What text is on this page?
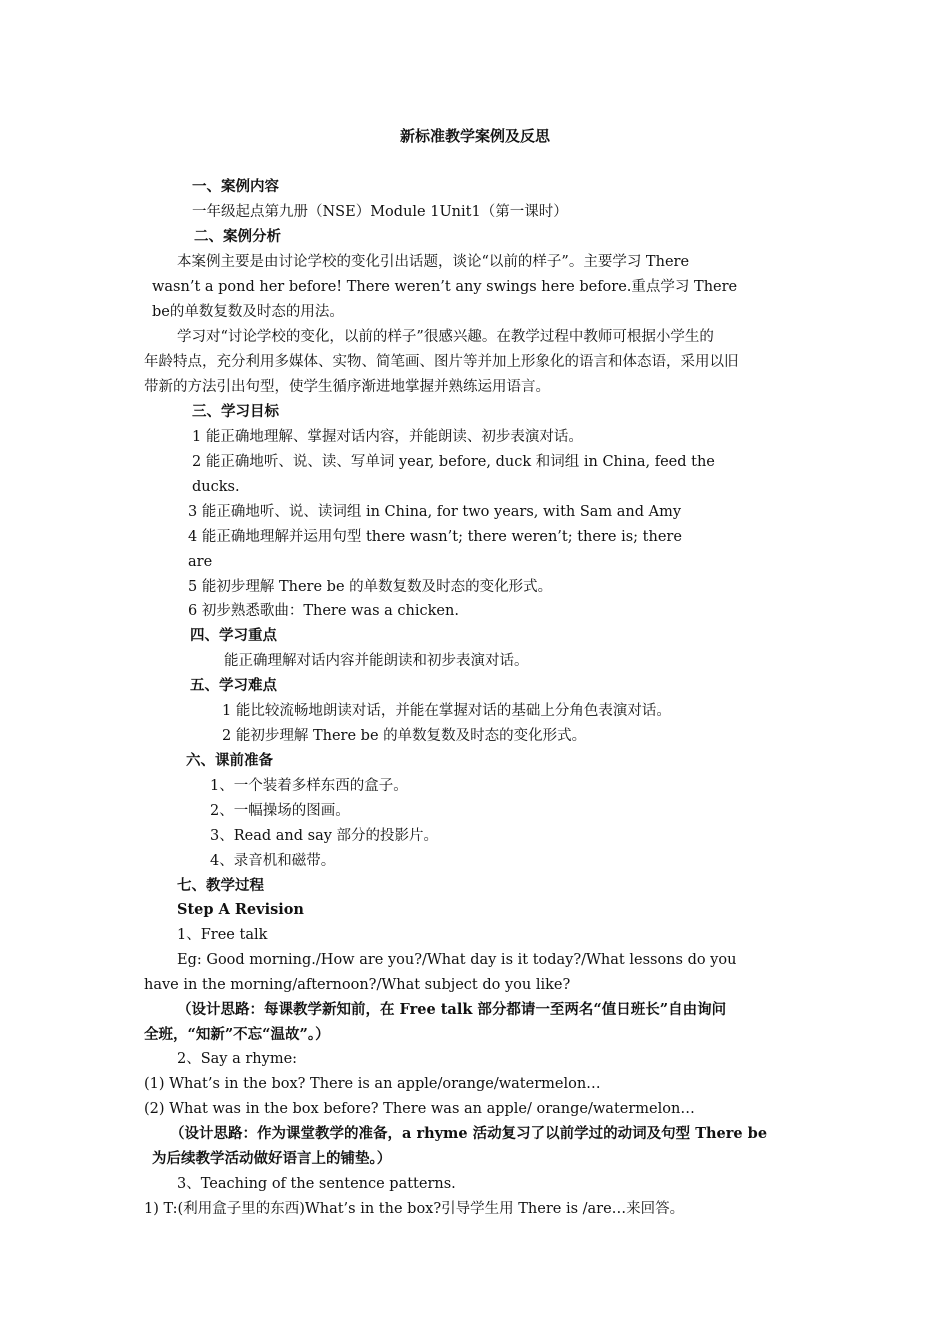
新标准教学案例及反思
一、案例内容
一年级起点第九册（NSE）Module 1Unit1（第一课时）
二、案例分析
本案例主要是由讨论学校的变化引出话题，谈论“以前的样子”。主要学习 There
wasn’t a pond her before! There weren’t any swings here before.重点学习 There
be的单数复数及时态的用法。
学习对“讨论学校的变化，以前的样子”很感兴趣。在教学过程中教师可根据小学生的
年龄特点，充分利用多媒体、实物、简笔画、图片等并加上形象化的语言和体态语，采用以旧
带新的方法引出句型，使学生循序渐进地掌握并熟练运用语言。
三、学习目标
1 能正确地理解、掌握对话内容，并能朗读、初步表演对话。
2 能正确地听、说、读、写单词 year, before, duck 和词组 in China, feed the
ducks.
3 能正确地听、说、读词组 in China, for two years, with Sam and Amy
4 能正确地理解并运用句型 there wasn’t; there weren’t; there is; there
are
5 能初步理解 There be 的单数复数及时态的变化形式。
6 初步熟悉歌曲：There was a chicken.
四、学习重点
能正确理解对话内容并能朗读和初步表演对话。
五、学习难点
1 能比较流畅地朗读对话，并能在掌握对话的基础上分角色表演对话。
2 能初步理解 There be 的单数复数及时态的变化形式。
六、课前准备
1、一个装着多样东西的盒子。
2、一幅操场的图画。
3、Read and say 部分的投影片。
4、录音机和磁带。
七、教学过程
Step A Revision
1、Free talk
Eg: Good morning./How are you?/What day is it today?/What lessons do you
have in the morning/afternoon?/What subject do you like?
（设计思路：每课教学新知前，在 Free talk 部分都请一至两名“值日班长”自由询问
全班，“知新”不忘“温故”。）
2、Say a rhyme:
(1) What’s in the box? There is an apple/orange/watermelon…
(2) What was in the box before? There was an apple/ orange/watermelon…
（设计思路：作为课堂教学的准备，a rhyme 活动复习了以前学过的动词及句型 There be
为后续教学活动做好语言上的铺垫。）
3、Teaching of the sentence patterns.
1) T:(利用盒子里的东西)What’s in the box?引导学生用 There is /are…来回答。
